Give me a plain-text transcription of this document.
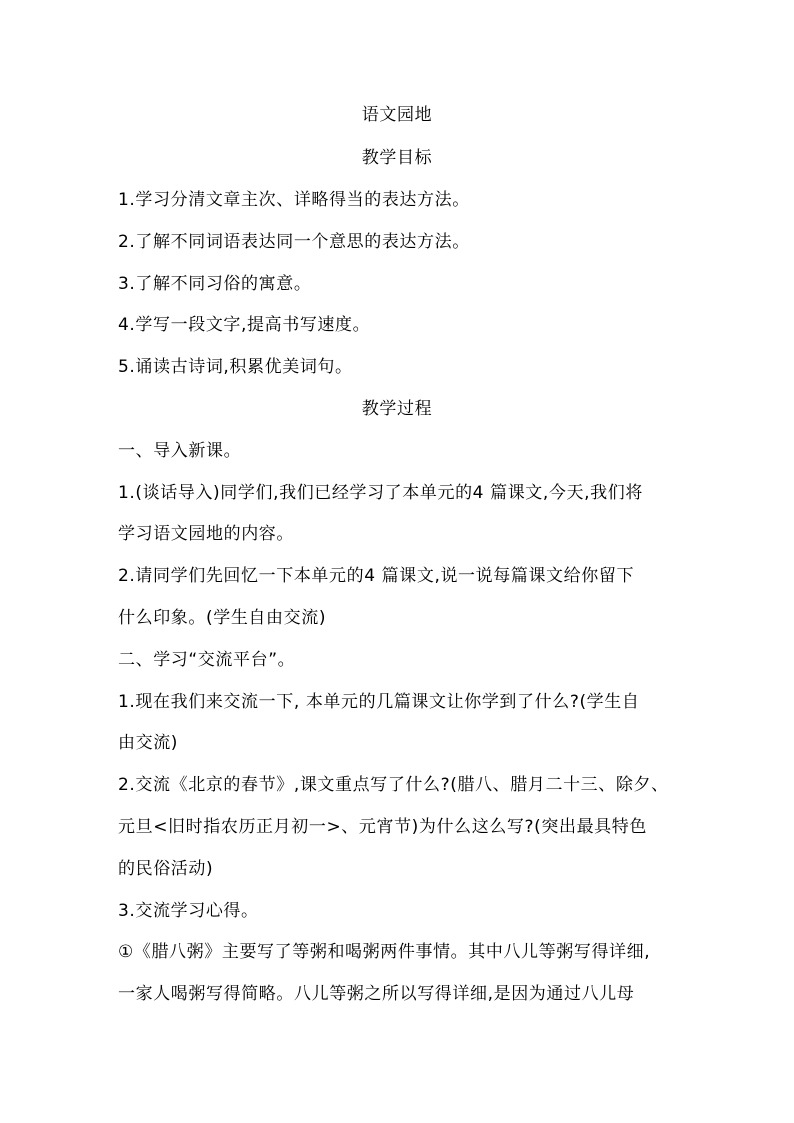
语文园地
教学目标
1.学习分清文章主次、详略得当的表达方法。
2.了解不同词语表达同一个意思的表达方法。
3.了解不同习俗的寓意。
4.学写一段文字,提高书写速度。
5.诵读古诗词,积累优美词句。
教学过程
一、导入新课。
1.(谈话导入)同学们,我们已经学习了本单元的4 篇课文,今天,我们将
学习语文园地的内容。
2.请同学们先回忆一下本单元的4 篇课文,说一说每篇课文给你留下
什么印象。(学生自由交流)
二、学习“交流平台”。
1.现在我们来交流一下, 本单元的几篇课文让你学到了什么?(学生自
由交流)
2.交流《北京的春节》,课文重点写了什么?(腊八、腊月二十三、除夕、
元旦<旧时指农历正月初一>、元宵节)为什么这么写?(突出最具特色
的民俗活动)
3.交流学习心得。
①《腊八粥》主要写了等粥和喝粥两件事情。其中八儿等粥写得详细,
一家人喝粥写得简略。八儿等粥之所以写得详细,是因为通过八儿母
